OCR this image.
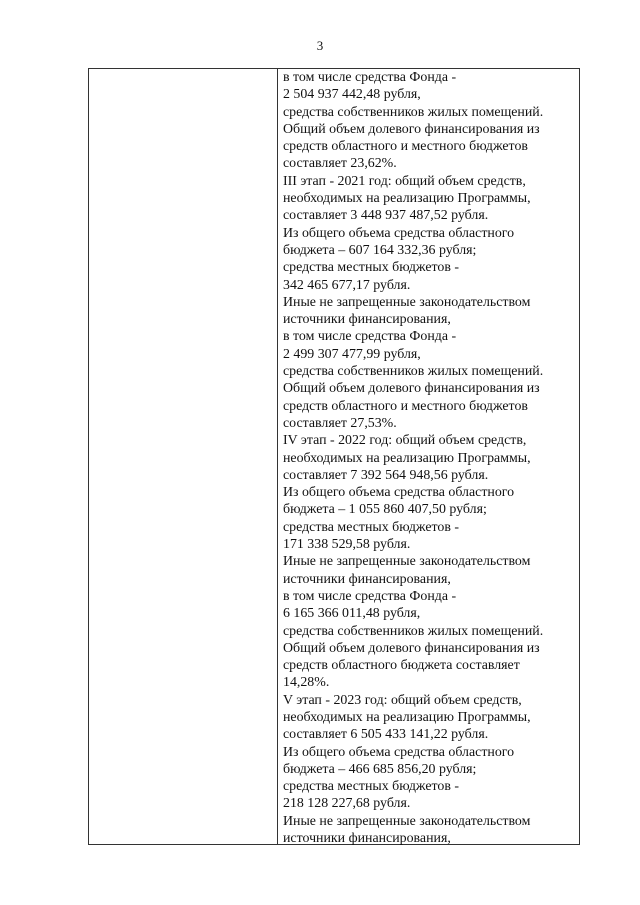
3
в том числе средства Фонда -
2 504 937 442,48 рубля,
средства собственников жилых помещений.
Общий объем долевого финансирования из
средств областного и местного бюджетов
составляет 23,62%.
III этап - 2021 год: общий объем средств,
необходимых на реализацию Программы,
составляет 3 448 937 487,52 рубля.
Из общего объема средства областного
бюджета – 607 164 332,36 рубля;
средства местных бюджетов -
342 465 677,17 рубля.
Иные не запрещенные законодательством
источники финансирования,
в том числе средства Фонда -
2 499 307 477,99 рубля,
средства собственников жилых помещений.
Общий объем долевого финансирования из
средств областного и местного бюджетов
составляет 27,53%.
IV этап - 2022 год: общий объем средств,
необходимых на реализацию Программы,
составляет 7 392 564 948,56 рубля.
Из общего объема средства областного
бюджета – 1 055 860 407,50 рубля;
средства местных бюджетов -
171 338 529,58 рубля.
Иные не запрещенные законодательством
источники финансирования,
в том числе средства Фонда -
6 165 366 011,48 рубля,
средства собственников жилых помещений.
Общий объем долевого финансирования из
средств областного бюджета составляет
14,28%.
V этап - 2023 год: общий объем средств,
необходимых на реализацию Программы,
составляет 6 505 433 141,22 рубля.
Из общего объема средства областного
бюджета – 466 685 856,20 рубля;
средства местных бюджетов -
218 128 227,68 рубля.
Иные не запрещенные законодательством
источники финансирования,
